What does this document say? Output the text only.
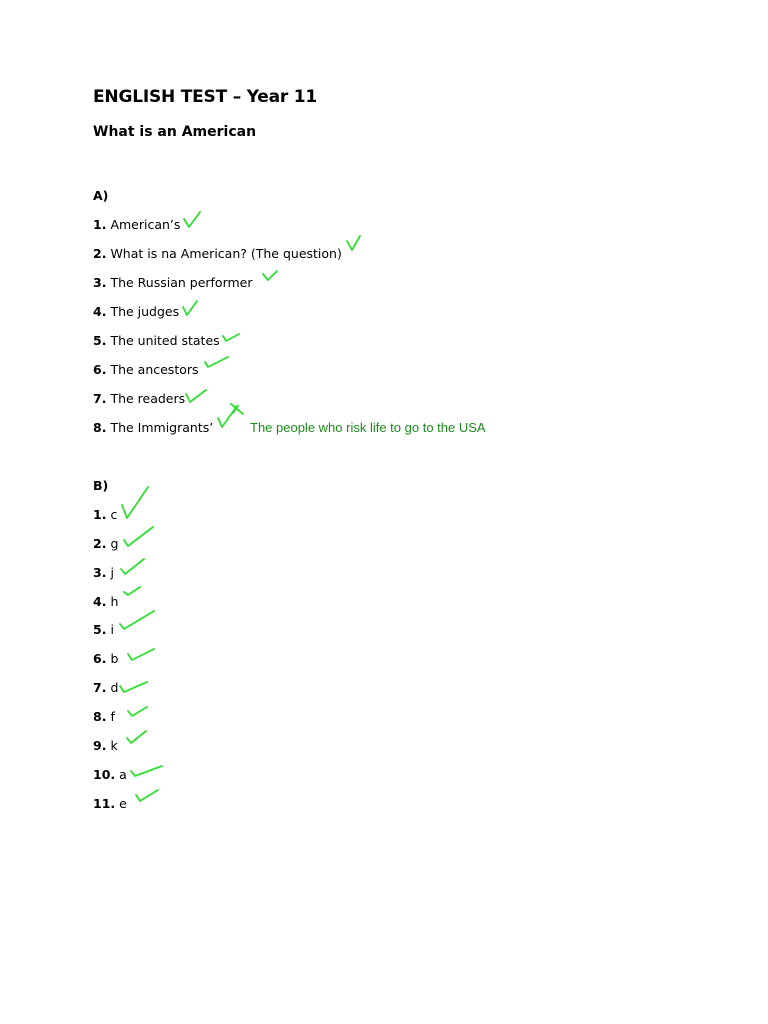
ENGLISH TEST – Year 11
What is an American
A)
1. American’s
2. What is na American? (The question)
3. The Russian performer
4. The judges
5. The united states
6. The ancestors
7. The readers
8. The Immigrants’	The people who risk life to go to the USA
B)
1. c
2. g
3. j
4. h
5. i
6. b
7. d
8. f
9. k
10. a
11. e
